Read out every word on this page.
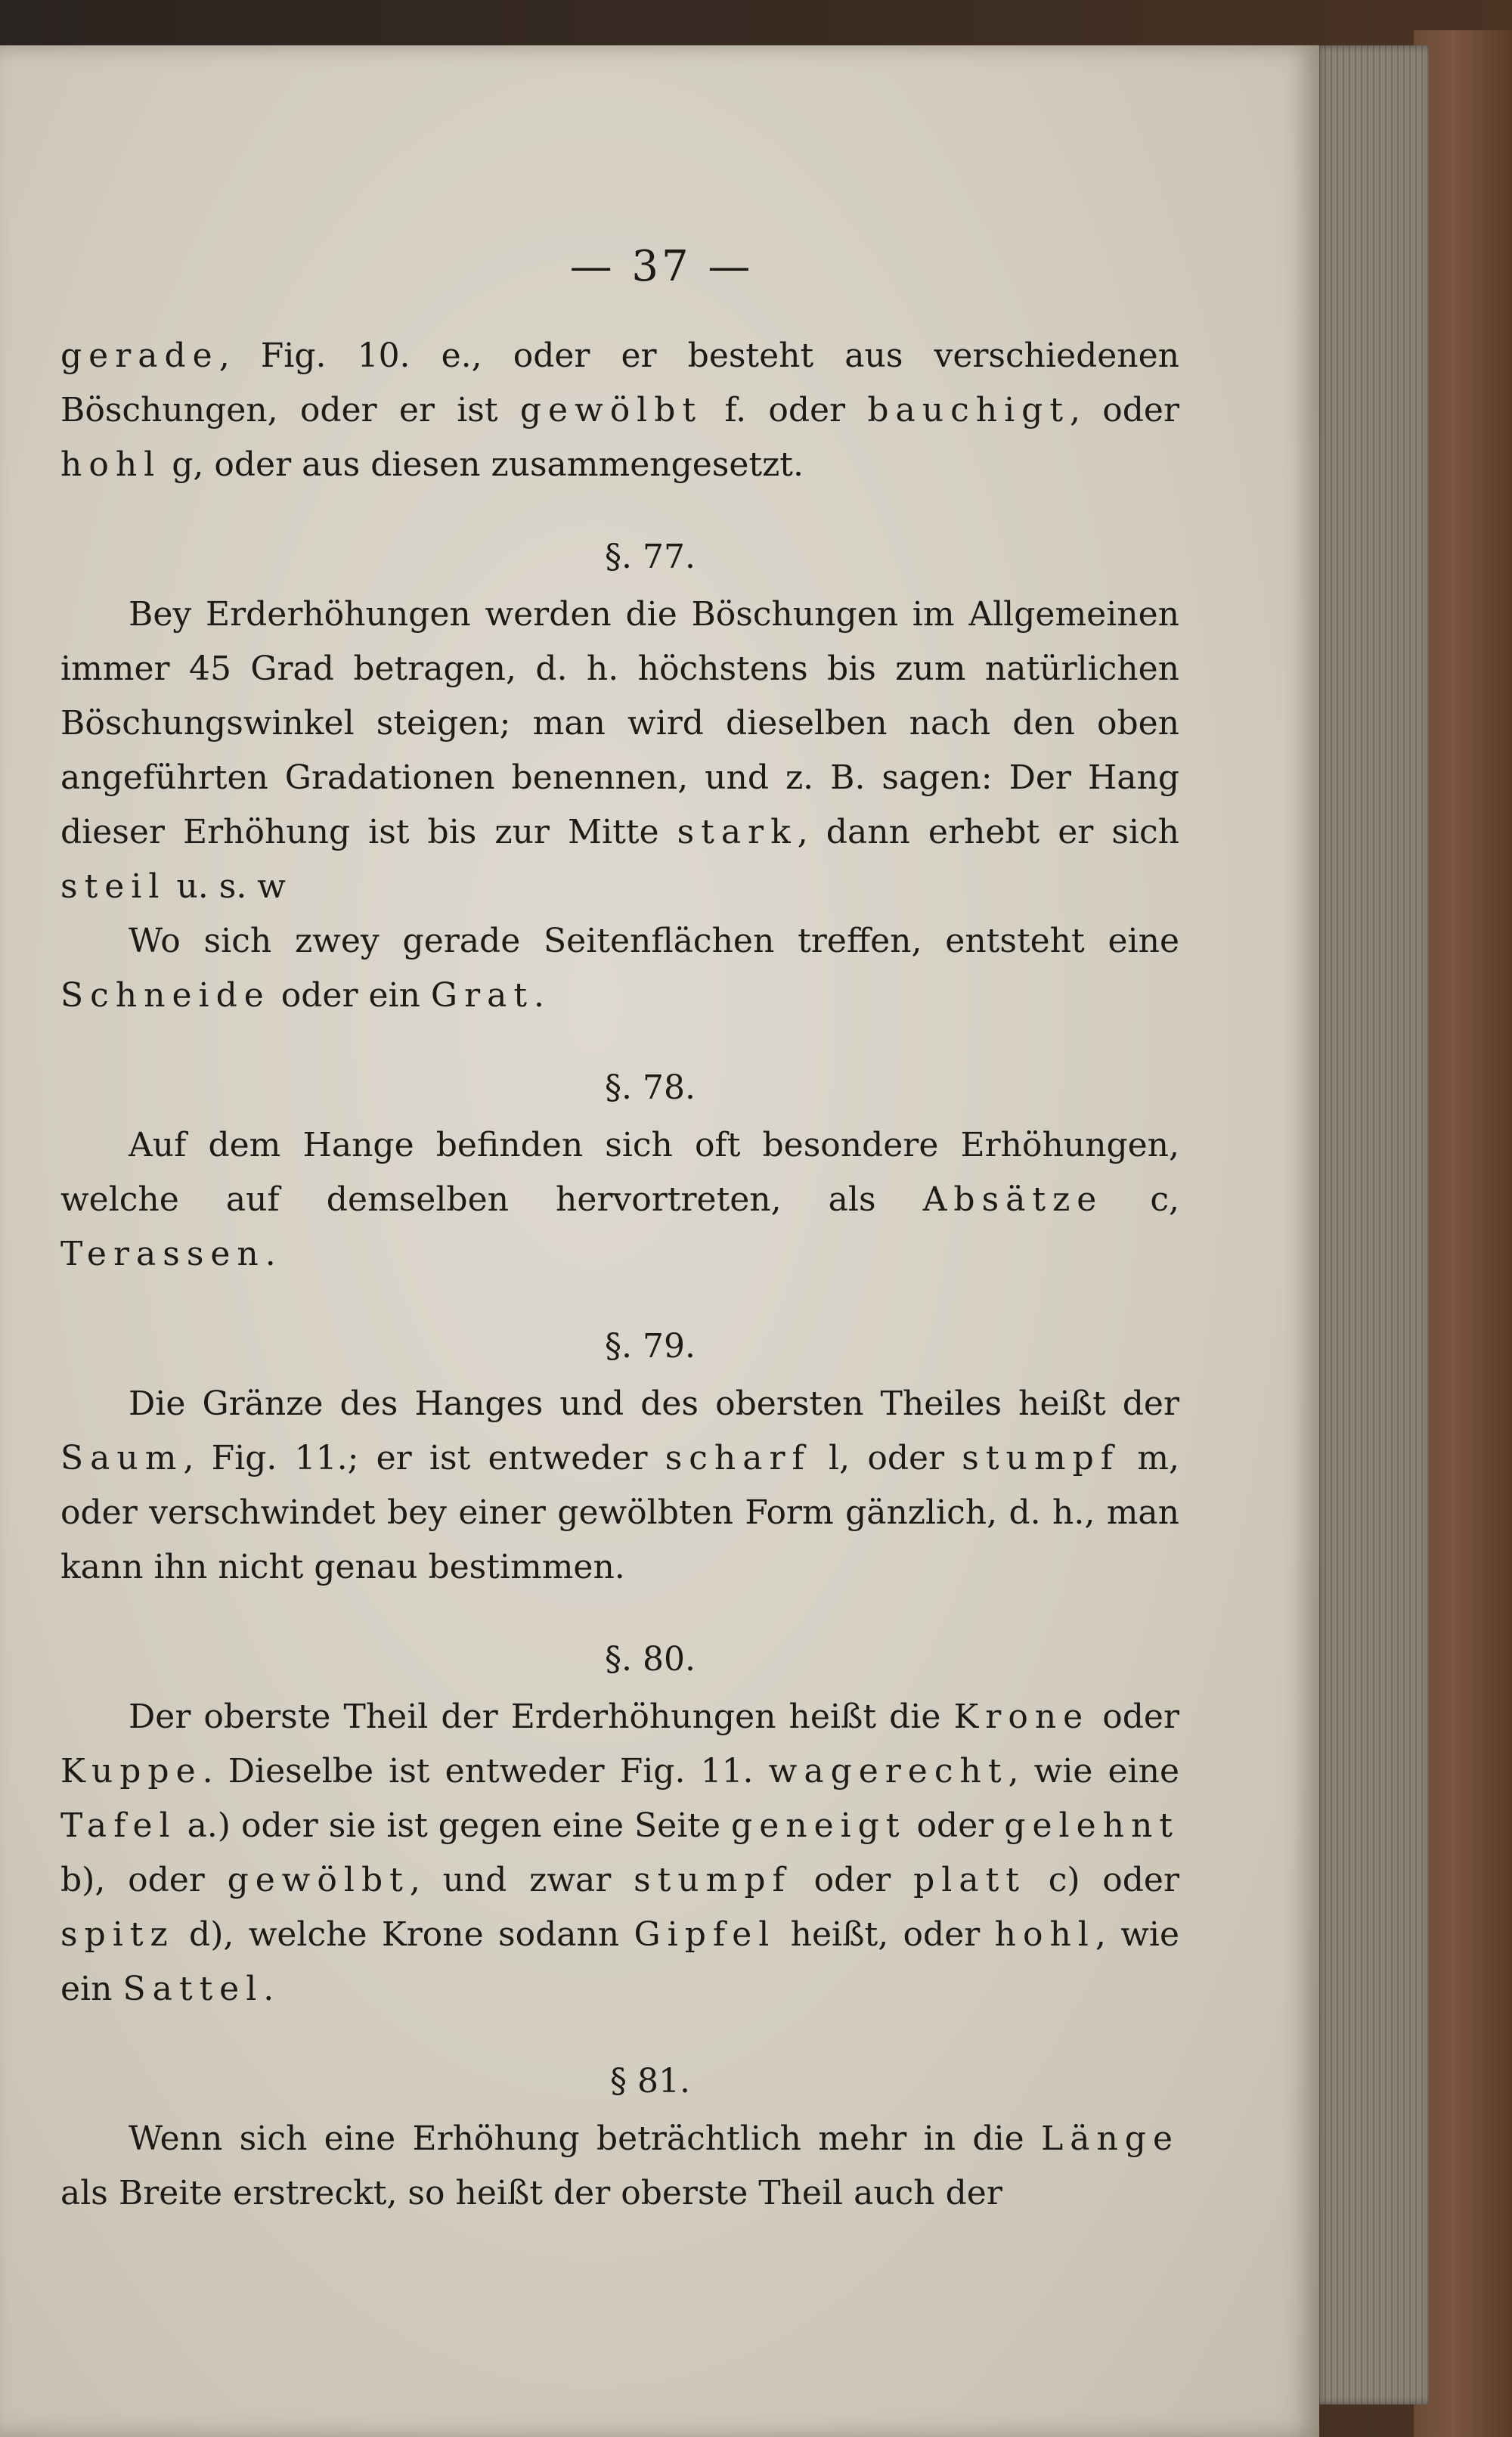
— 37 —

gerade, Fig. 10. e., oder er besteht aus verschiedenen Böschungen, oder er ist gewölbt f. oder bauchigt, oder hohl g, oder aus diesen zusammengesetzt.

§. 77.

Bey Erderhöhungen werden die Böschungen im Allgemeinen immer 45 Grad betragen, d. h. höchstens bis zum natürlichen Böschungswinkel steigen; man wird dieselben nach den oben angeführten Gradationen benennen, und z. B. sagen: Der Hang dieser Erhöhung ist bis zur Mitte stark, dann erhebt er sich steil u. s. w

Wo sich zwey gerade Seitenflächen treffen, entsteht eine Schneide oder ein Grat.

§. 78.

Auf dem Hange befinden sich oft besondere Erhöhungen, welche auf demselben hervortreten, als Absätze c, Terassen.

§. 79.

Die Gränze des Hanges und des obersten Theiles heißt der Saum, Fig. 11.; er ist entweder scharf l, oder stumpf m, oder verschwindet bey einer gewölbten Form gänzlich, d. h., man kann ihn nicht genau bestimmen.

§. 80.

Der oberste Theil der Erderhöhungen heißt die Krone oder Kuppe. Dieselbe ist entweder Fig. 11. wagerecht, wie eine Tafel a.) oder sie ist gegen eine Seite geneigt oder gelehnt b), oder gewölbt, und zwar stumpf oder platt c) oder spitz d), welche Krone sodann Gipfel heißt, oder hohl, wie ein Sattel.

§ 81.

Wenn sich eine Erhöhung beträchtlich mehr in die Länge als Breite erstreckt, so heißt der oberste Theil auch der
